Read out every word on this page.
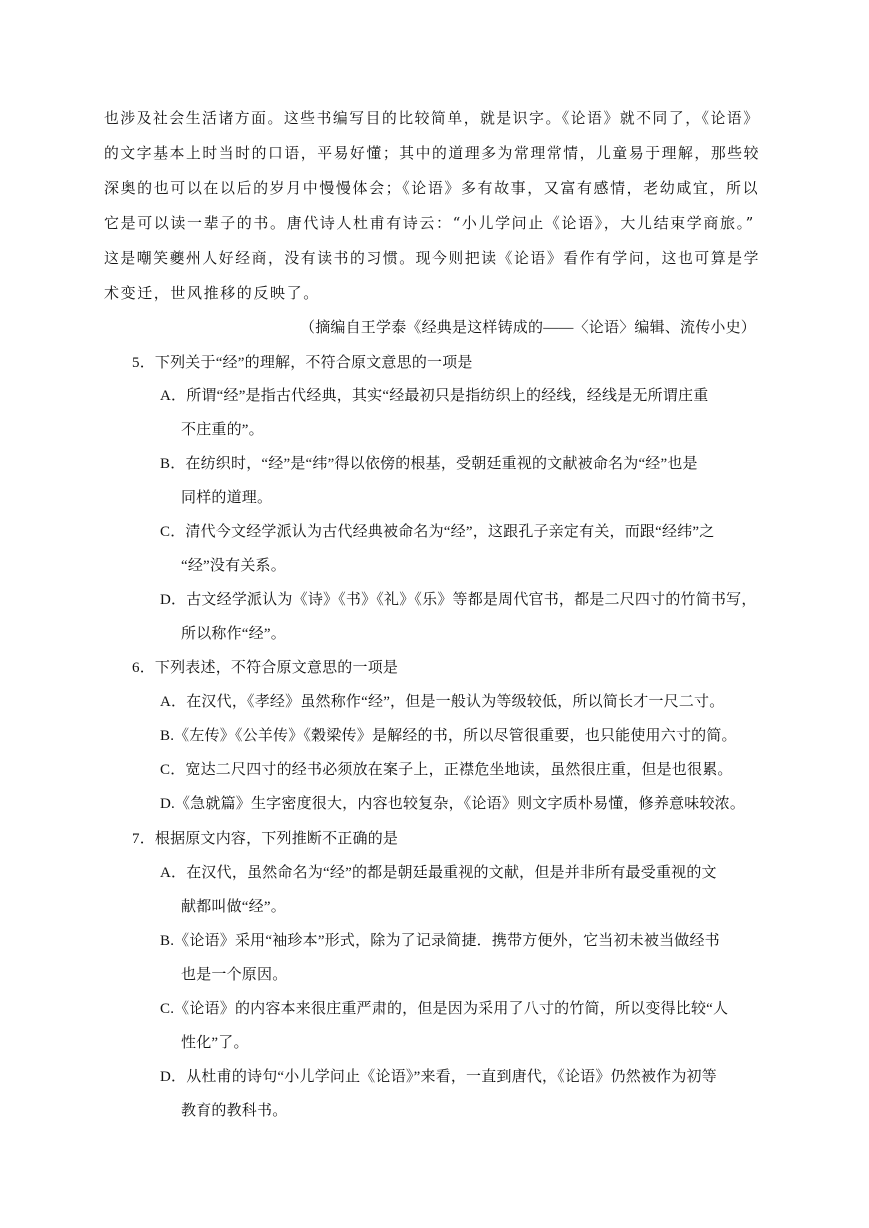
也涉及社会生活诸方面。这些书编写目的比较简单，就是识字。《论语》就不同了，《论语》
的文字基本上时当时的口语，平易好懂；其中的道理多为常理常情，儿童易于理解，那些较
深奥的也可以在以后的岁月中慢慢体会；《论语》多有故事，又富有感情，老幼咸宜，所以
它是可以读一辈子的书。唐代诗人杜甫有诗云：“小儿学问止《论语》，大儿结束学商旅。”
这是嘲笑夔州人好经商，没有读书的习惯。现今则把读《论语》看作有学问，这也可算是学
术变迁，世风推移的反映了。
（摘编自王学泰《经典是这样铸成的——〈论语〉编辑、流传小史）
5．下列关于“经”的理解，不符合原文意思的一项是
A．所谓“经”是指古代经典，其实“经最初只是指纺织上的经线，经线是无所谓庄重
不庄重的”。
B．在纺织时，“经”是“纬”得以依傍的根基，受朝廷重视的文献被命名为“经”也是
同样的道理。
C．清代今文经学派认为古代经典被命名为“经”，这跟孔子亲定有关，而跟“经纬”之
“经”没有关系。
D．古文经学派认为《诗》《书》《礼》《乐》等都是周代官书，都是二尺四寸的竹简书写，
所以称作“经”。
6．下列表述，不符合原文意思的一项是
A．在汉代，《孝经》虽然称作“经”，但是一般认为等级较低，所以简长才一尺二寸。
B.《左传》《公羊传》《穀梁传》是解经的书，所以尽管很重要，也只能使用六寸的简。
C．宽达二尺四寸的经书必须放在案子上，正襟危坐地读，虽然很庄重，但是也很累。
D.《急就篇》生字密度很大，内容也较复杂，《论语》则文字质朴易懂，修养意味较浓。
7．根据原文内容，下列推断不正确的是
A．在汉代，虽然命名为“经”的都是朝廷最重视的文献，但是并非所有最受重视的文
献都叫做“经”。
B.《论语》采用“袖珍本”形式，除为了记录简捷．携带方便外，它当初未被当做经书
也是一个原因。
C.《论语》的内容本来很庄重严肃的，但是因为采用了八寸的竹简，所以变得比较“人
性化”了。
D．从杜甫的诗句“小儿学问止《论语》”来看，一直到唐代，《论语》仍然被作为初等
教育的教科书。
